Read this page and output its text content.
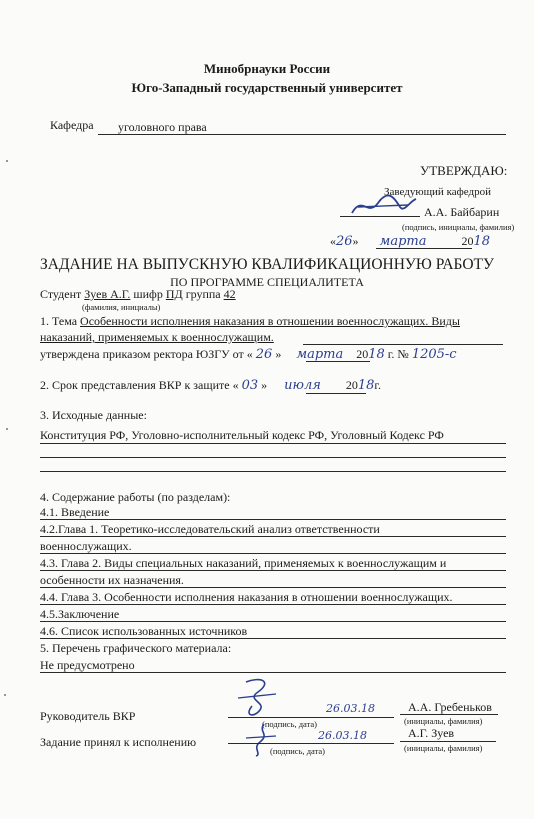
Минобрнауки России
Юго-Западный государственный университет
Кафедра уголовного права
УТВЕРЖДАЮ:
Заведующий кафедрой
А.А. Байбарин
(подпись, инициалы, фамилия)
«26» марта	2018
ЗАДАНИЕ НА ВЫПУСКНУЮ КВАЛИФИКАЦИОННУЮ РАБОТУ
ПО ПРОГРАММЕ СПЕЦИАЛИТЕТА
Студент Зуев А.Г. шифр ПД группа 42
(фамилия, инициалы)
1. Тема Особенности исполнения наказания в отношении военнослужащих. Виды
наказаний, применяемых к военнослужащим.
утверждена приказом ректора ЮЗГУ от « 26 » марта 2018 г. № 1205-с
2. Срок представления ВКР к защите « 03 » июля 2018г.
3. Исходные данные:
Конституция РФ, Уголовно-исполнительный кодекс РФ, Уголовный Кодекс РФ
4. Содержание работы (по разделам):
4.1. Введение
4.2.Глава 1. Теоретико-исследовательский анализ ответственности
военнослужащих.
4.3. Глава 2. Виды специальных наказаний, применяемых к военнослужащим и
особенности их назначения.
4.4. Глава 3. Особенности исполнения наказания в отношении военнослужащих.
4.5.Заключение
4.6. Список использованных источников
5. Перечень графического материала:
Не предусмотрено
Руководитель ВКР
26.03.18
(подпись, дата)
А.А. Гребеньков
(инициалы, фамилия)
Задание принял к исполнению	26.03.18
(подпись, дата)
А.Г. Зуев
(инициалы, фамилия)
